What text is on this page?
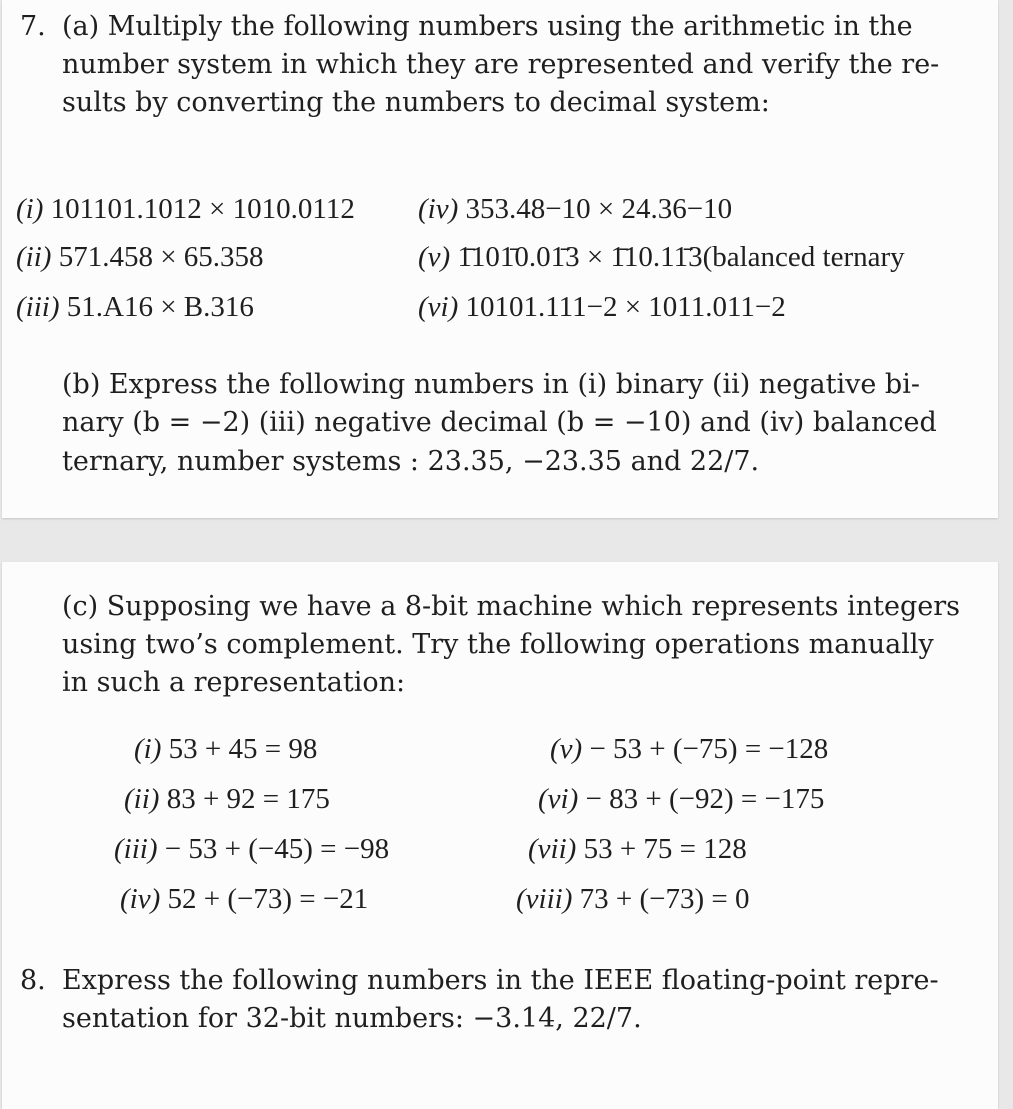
7. (a) Multiply the following numbers using the arithmetic in the
number system in which they are represented and verify the re-
sults by converting the numbers to decimal system:
(i) 101101.1012 × 1010.0112
(ii) 571.458 × 65.358
(iii) 51.A16 × B.316
(iv) 353.48−10 × 24.36−10
(v) 1̄101̄0.01̄3 × 1̄10.11̄3(balanced ternary
(vi) 10101.111−2 × 1011.011−2
(b) Express the following numbers in (i) binary (ii) negative bi-
nary (b = −2) (iii) negative decimal (b = −10) and (iv) balanced
ternary, number systems : 23.35, −23.35 and 22/7.
(c) Supposing we have a 8-bit machine which represents integers
using two’s complement. Try the following operations manually
in such a representation:
(i) 53 + 45 = 98
(ii) 83 + 92 = 175
(iii) − 53 + (−45) = −98
(iv) 52 + (−73) = −21
(v) − 53 + (−75) = −128
(vi) − 83 + (−92) = −175
(vii) 53 + 75 = 128
(viii) 73 + (−73) = 0
8. Express the following numbers in the IEEE floating-point repre-
sentation for 32-bit numbers: −3.14, 22/7.
